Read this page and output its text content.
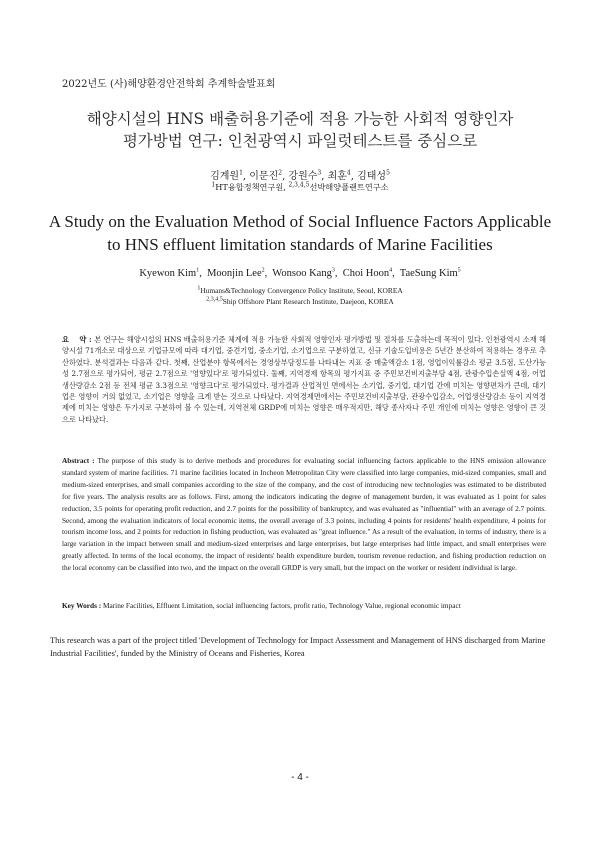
2022년도 (사)해양환경안전학회 추계학술발표회
해양시설의 HNS 배출허용기준에 적용 가능한 사회적 영향인자
평가방법 연구: 인천광역시 파일럿테스트를 중심으로
김계원$^1$, 이문진$^2$, 강원수$^3$, 최훈$^4$, 김태성$^5$
$^1$HT융합정책연구원, $^{2,3,4,5}$선박해양플랜트연구소
A Study on the Evaluation Method of Social Influence Factors Applicable
to HNS effluent limitation standards of Marine Facilities
Kyewon Kim$^1$,  Moonjin Lee$^2$,  Wonsoo Kang$^3$,  Choi Hoon$^4$,  TaeSung Kim$^5$
$^1$Humans&Technology Convergence Policy Institute, Seoul, KOREA
$^{2,3,4,5}$Ship Offshore Plant Research Institute, Daejeon, KOREA
요    약 : 본 연구는 해양시설의 HNS 배출허용기준 체계에 적용 가능한 사회적 영향인자 평가방법 및 절차를 도출하는데 목적이 있다. 인천광역시 소재 해양시설 71개소로 대상으로 기업규모에 따라 대기업, 중견기업, 중소기업, 소기업으로 구분하였고, 신규 기술도입비용은 5년간 분산하여 적용하는 경우로 추산하였다. 분석결과는 다음과 같다. 첫째, 산업분야 항목에서는 경영상부담정도를 나타내는 지표 중 매출액감소 1점, 영업이익률감소 평균 3.5점, 도산가능성 2.7점으로 평가되어, 평균 2.7점으로 '영향있다'로 평가되었다. 둘째, 지역경제 항목의 평가지표 중 주민보건비지출부담 4점, 관광수입손실액 4점, 어업생산량감소 2점 등 전체 평균 3.3점으로 '영향크다'로 평가되었다. 평가결과 산업적인 면에서는 소기업, 중기업, 대기업 간에 미치는 영향편차가 큰데, 대기업은 영향이 거의 없었고, 소기업은 영향을 크게 받는 것으로 나타났다. 지역경제면에서는 주민보건비지출부담, 관광수입감소, 어업생산량감소 등이 지역경제에 미치는 영향은 두가지로 구분하여 볼 수 있는데, 지역전체 GRDP에 미치는 영향은 매우적지만, 해당 종사자나 주민 개인에 미치는 영향은 영향이 큰 것으로 나타났다.
Abstract : The purpose of this study is to derive methods and procedures for evaluating social influencing factors applicable to the HNS emission allowance standard system of marine facilities. 71 marine facilities located in Incheon Metropolitan City were classified into large companies, mid-sized companies, small and medium-sized enterprises, and small companies according to the size of the company, and the cost of introducing new technologies was estimated to be distributed for five years. The analysis results are as follows. First, among the indicators indicating the degree of management burden, it was evaluated as 1 point for sales reduction, 3.5 points for operating profit reduction, and 2.7 points for the possibility of bankruptcy, and was evaluated as "influential" with an average of 2.7 points. Second, among the evaluation indicators of local economic items, the overall average of 3.3 points, including 4 points for residents' health expenditure, 4 points for tourism income loss, and 2 points for reduction in fishing production, was evaluated as "great influence." As a result of the evaluation, in terms of industry, there is a large variation in the impact between small and medium-sized enterprises and large enterprises, but large enterprises had little impact, and small enterprises were greatly affected. In terms of the local economy, the impact of residents' health expenditure burden, tourism revenue reduction, and fishing production reduction on the local economy can be classified into two, and the impact on the overall GRDP is very small, but the impact on the worker or resident individual is large.
Key Words : Marine Facilities, Effluent Limitation, social influencing factors, profit ratio, Technology Value, regional economic impact
This research was a part of the project titled 'Development of Technology for Impact Assessment and Management of HNS discharged from Marine Industrial Facilities', funded by the Ministry of Oceans and Fisheries, Korea
- 4 -
